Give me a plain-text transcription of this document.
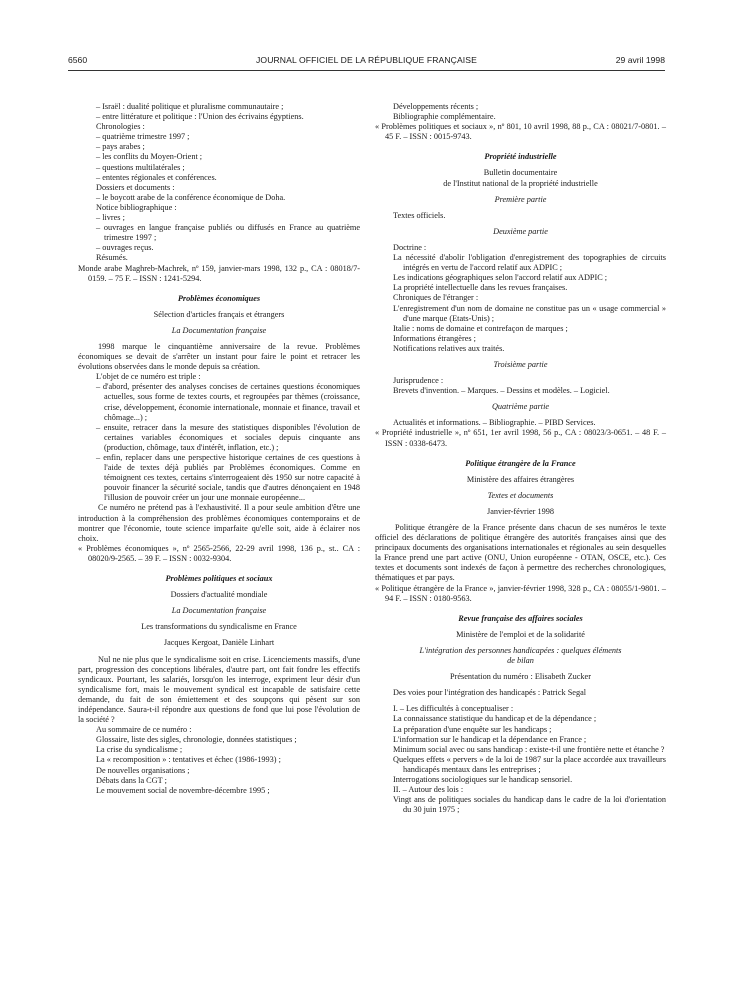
6560	JOURNAL OFFICIEL DE LA RÉPUBLIQUE FRANÇAISE	29 avril 1998

– Israël : dualité politique et pluralisme communautaire ;

– entre littérature et politique : l'Union des écrivains égyptiens.

Chronologies :

– quatrième trimestre 1997 ;

– pays arabes ;

– les conflits du Moyen-Orient ;

– questions multilatérales ;

– ententes régionales et conférences.

Dossiers et documents :

– le boycott arabe de la conférence économique de Doha.

Notice bibliographique :

– livres ;

– ouvrages en langue française publiés ou diffusés en France au quatrième trimestre 1997 ;

– ouvrages reçus.

Résumés.

Monde arabe Maghreb-Machrek, nº 159, janvier-mars 1998, 132 p., CA : 08018/7-0159. – 75 F. – ISSN : 1241-5294.

Problèmes économiques

Sélection d'articles français et étrangers

La Documentation française

1998 marque le cinquantième anniversaire de la revue. Problèmes économiques se devait de s'arrêter un instant pour faire le point et retracer les évolutions observées dans le monde depuis sa création.

L'objet de ce numéro est triple :

– d'abord, présenter des analyses concises de certaines questions économiques actuelles, sous forme de textes courts, et regroupées par thèmes (croissance, crise, développement, économie internationale, monnaie et finance, travail et chômage...) ;

– ensuite, retracer dans la mesure des statistiques disponibles l'évolution de certaines variables économiques et sociales depuis cinquante ans (production, chômage, taux d'intérêt, inflation, etc.) ;

– enfin, replacer dans une perspective historique certaines de ces questions à l'aide de textes déjà publiés par Problèmes économiques. Comme en témoignent ces textes, certains s'interrogeaient dès 1950 sur notre capacité à pouvoir financer la sécurité sociale, tandis que d'autres dénonçaient en 1948 l'illusion de pouvoir créer un jour une monnaie européenne...

Ce numéro ne prétend pas à l'exhaustivité. Il a pour seule ambition d'être une introduction à la compréhension des problèmes économiques contemporains et de montrer que l'économie, toute science imparfaite qu'elle soit, aide à éclairer nos choix.

« Problèmes économiques », nº 2565-2566, 22-29 avril 1998, 136 p., st.. CA : 08020/9-2565. – 39 F. – ISSN : 0032-9304.

Problèmes politiques et sociaux

Dossiers d'actualité mondiale

La Documentation française

Les transformations du syndicalisme en France

Jacques Kergoat, Danièle Linhart

Nul ne nie plus que le syndicalisme soit en crise. Licenciements massifs, d'une part, progression des conceptions libérales, d'autre part, ont fait fondre les effectifs syndicaux. Pourtant, les salariés, lorsqu'on les interroge, expriment leur désir d'un syndicalisme fort, mais le mouvement syndical est incapable de satisfaire cette demande, du fait de son émiettement et des soupçons qui pèsent sur son indépendance. Saura-t-il répondre aux questions de fond que lui pose l'évolution de la société ?

Au sommaire de ce numéro :

Glossaire, liste des sigles, chronologie, données statistiques ;

La crise du syndicalisme ;

La « recomposition » : tentatives et échec (1986-1993) ;

De nouvelles organisations ;

Débats dans la CGT ;

Le mouvement social de novembre-décembre 1995 ;

Développements récents ;

Bibliographie complémentaire.

« Problèmes politiques et sociaux », nº 801, 10 avril 1998, 88 p., CA : 08021/7-0801. – 45 F. – ISSN : 0015-9743.

Propriété industrielle

Bulletin documentaire

de l'Institut national de la propriété industrielle

Première partie

Textes officiels.

Deuxième partie

Doctrine :

La nécessité d'abolir l'obligation d'enregistrement des topographies de circuits intégrés en vertu de l'accord relatif aux ADPIC ;

Les indications géographiques selon l'accord relatif aux ADPIC ;

La propriété intellectuelle dans les revues françaises.

Chroniques de l'étranger :

L'enregistrement d'un nom de domaine ne constitue pas un « usage commercial » d'une marque (Etats-Unis) ;

Italie : noms de domaine et contrefaçon de marques ;

Informations étrangères ;

Notifications relatives aux traités.

Troisième partie

Jurisprudence :

Brevets d'invention. – Marques. – Dessins et modèles. – Logiciel.

Quatrième partie

Actualités et informations. – Bibliographie. – PIBD Services.

« Propriété industrielle », nº 651, 1er avril 1998, 56 p., CA : 08023/3-0651. – 48 F. – ISSN : 0338-6473.

Politique étrangère de la France

Ministère des affaires étrangères

Textes et documents

Janvier-février 1998

Politique étrangère de la France présente dans chacun de ses numéros le texte officiel des déclarations de politique étrangère des autorités françaises ainsi que des principaux documents des organisations internationales et régionales au sein desquelles la France prend une part active (ONU, Union européenne - OTAN, OSCE, etc.). Ces textes et documents sont indexés de façon à permettre des recherches chronologiques, thématiques et par pays.

« Politique étrangère de la France », janvier-février 1998, 328 p., CA : 08055/1-9801. – 94 F. – ISSN : 0180-9563.

Revue française des affaires sociales

Ministère de l'emploi et de la solidarité

L'intégration des personnes handicapées : quelques éléments de bilan

Présentation du numéro : Elisabeth Zucker

Des voies pour l'intégration des handicapés : Patrick Segal

I. – Les difficultés à conceptualiser :

La connaissance statistique du handicap et de la dépendance ;

La préparation d'une enquête sur les handicaps ;

L'information sur le handicap et la dépendance en France ;

Minimum social avec ou sans handicap : existe-t-il une frontière nette et étanche ?

Quelques effets « pervers » de la loi de 1987 sur la place accordée aux travailleurs handicapés mentaux dans les entreprises ;

Interrogations sociologiques sur le handicap sensoriel.

II. – Autour des lois :

Vingt ans de politiques sociales du handicap dans le cadre de la loi d'orientation du 30 juin 1975 ;
